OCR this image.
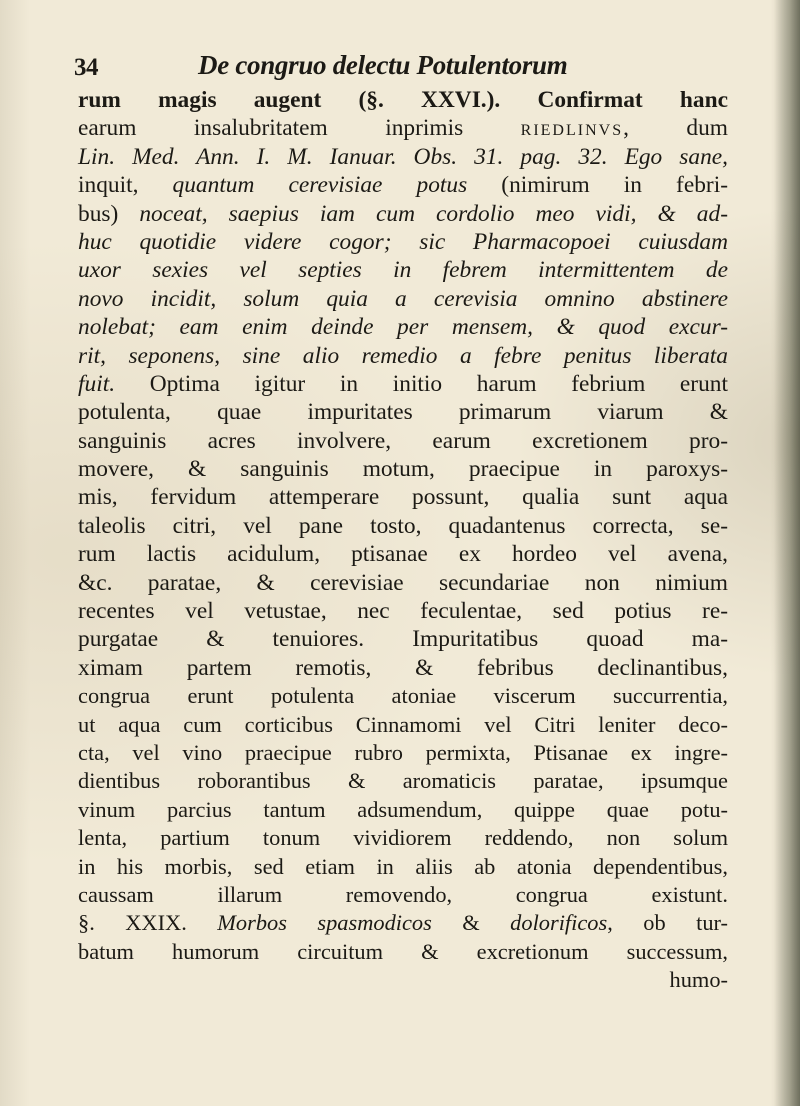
34	De congruo delectu Potulentorum
rum magis augent (§. XXVI.). Confirmat hanc
earum insalubritatem inprimis riedlinvs, dum
Lin. Med. Ann. I. M. Ianuar. Obs. 31. pag. 32. Ego sane,
inquit, quantum cerevisiae potus (nimirum in febri-
bus) noceat, saepius iam cum cordolio meo vidi, & ad-
huc quotidie videre cogor; sic Pharmacopoei cuiusdam
uxor sexies vel septies in febrem intermittentem de
novo incidit, solum quia a cerevisia omnino abstinere
nolebat; eam enim deinde per mensem, & quod excur-
rit, seponens, sine alio remedio a febre penitus liberata
fuit. Optima igitur in initio harum febrium erunt
potulenta, quae impuritates primarum viarum &
sanguinis acres involvere, earum excretionem pro-
movere, & sanguinis motum, praecipue in paroxys-
mis, fervidum attemperare possunt, qualia sunt aqua
taleolis citri, vel pane tosto, quadantenus correcta, se-
rum lactis acidulum, ptisanae ex hordeo vel avena,
&c. paratae, & cerevisiae secundariae non nimium
recentes vel vetustae, nec feculentae, sed potius re-
purgatae & tenuiores. Impuritatibus quoad ma-
ximam partem remotis, & febribus declinantibus,
congrua erunt potulenta atoniae viscerum succurrentia,
ut aqua cum corticibus Cinnamomi vel Citri leniter deco-
cta, vel vino praecipue rubro permixta, Ptisanae ex ingre-
dientibus roborantibus & aromaticis paratae, ipsumque
vinum parcius tantum adsumendum, quippe quae potu-
lenta, partium tonum vividiorem reddendo, non solum
in his morbis, sed etiam in aliis ab atonia dependentibus,
caussam illarum removendo, congrua existunt.
§. XXIX. Morbos spasmodicos & dolorificos, ob tur-
batum humorum circuitum & excretionum successum,
humo-
